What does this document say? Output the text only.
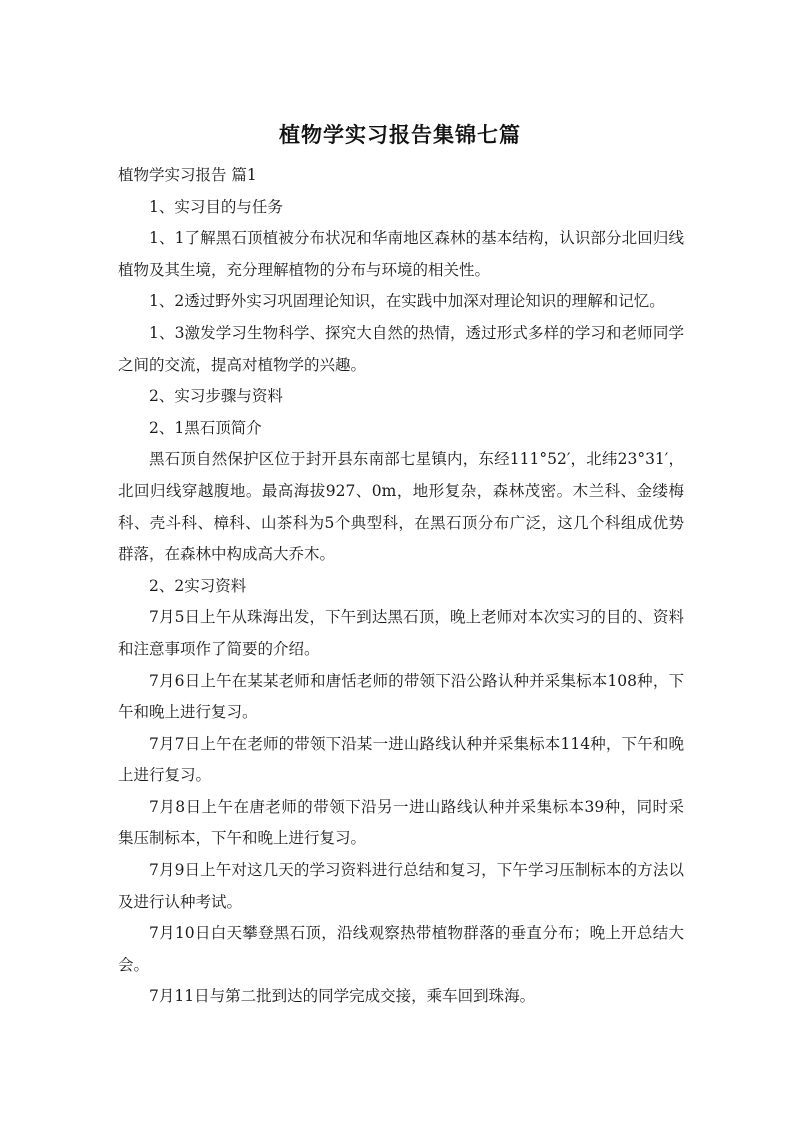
植物学实习报告集锦七篇

植物学实习报告 篇1

1、实习目的与任务

1、1了解黑石顶植被分布状况和华南地区森林的基本结构，认识部分北回归线植物及其生境，充分理解植物的分布与环境的相关性。

1、2透过野外实习巩固理论知识，在实践中加深对理论知识的理解和记忆。

1、3激发学习生物科学、探究大自然的热情，透过形式多样的学习和老师同学之间的交流，提高对植物学的兴趣。

2、实习步骤与资料

2、1黑石顶简介

黑石顶自然保护区位于封开县东南部七星镇内，东经111°52′，北纬23°31′，北回归线穿越腹地。最高海拔927、0m，地形复杂，森林茂密。木兰科、金缕梅科、壳斗科、樟科、山茶科为5个典型科，在黑石顶分布广泛，这几个科组成优势群落，在森林中构成高大乔木。

2、2实习资料

7月5日上午从珠海出发，下午到达黑石顶，晚上老师对本次实习的目的、资料和注意事项作了简要的介绍。

7月6日上午在某某老师和唐恬老师的带领下沿公路认种并采集标本108种，下午和晚上进行复习。

7月7日上午在老师的带领下沿某一进山路线认种并采集标本114种，下午和晚上进行复习。

7月8日上午在唐老师的带领下沿另一进山路线认种并采集标本39种，同时采集压制标本，下午和晚上进行复习。

7月9日上午对这几天的学习资料进行总结和复习，下午学习压制标本的方法以及进行认种考试。

7月10日白天攀登黑石顶，沿线观察热带植物群落的垂直分布；晚上开总结大会。

7月11日与第二批到达的同学完成交接，乘车回到珠海。
